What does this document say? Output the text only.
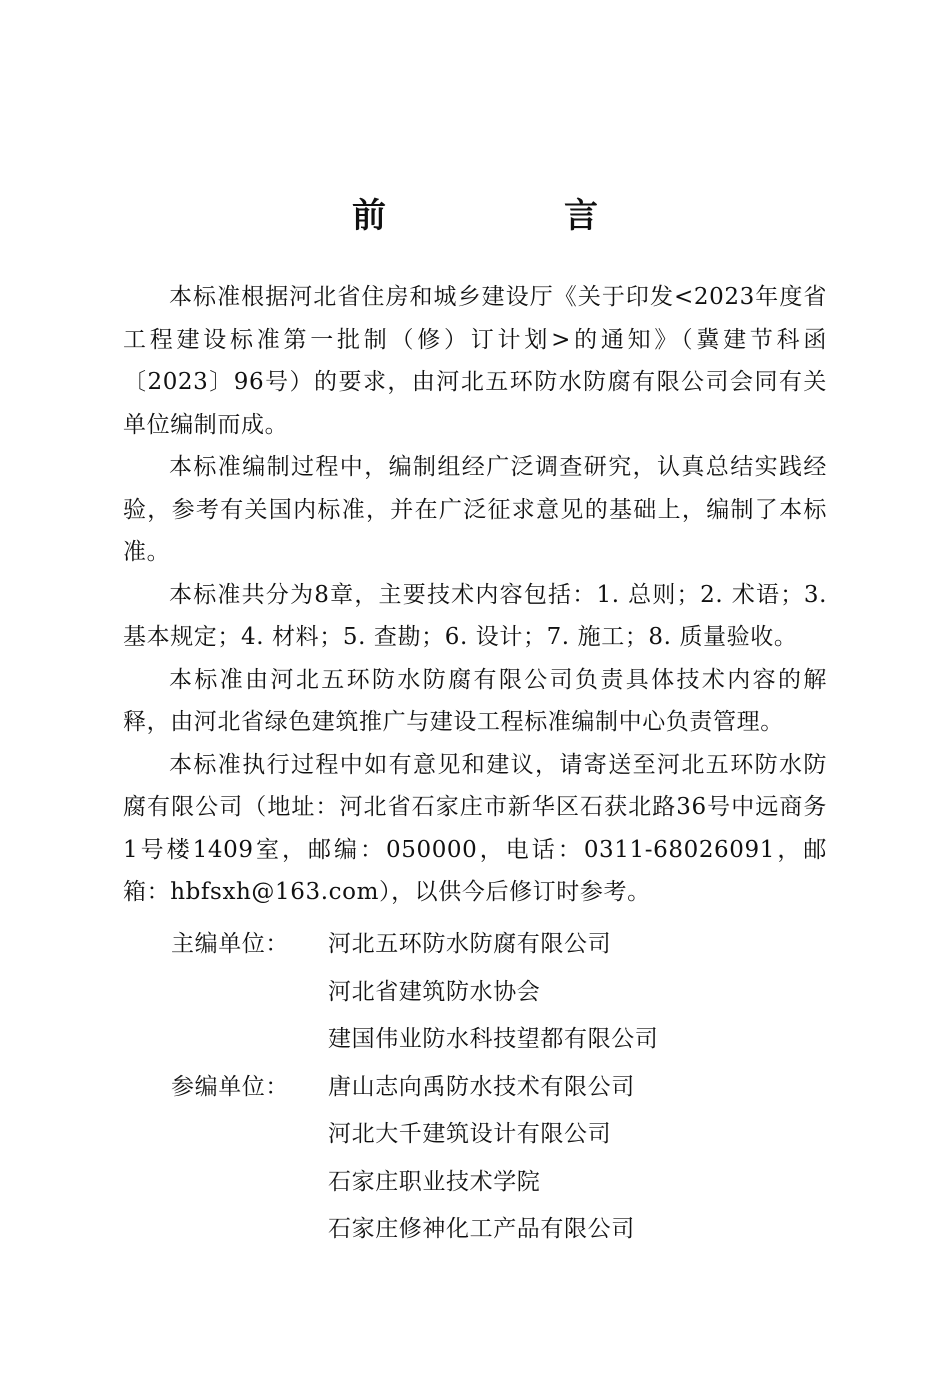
前　言

本标准根据河北省住房和城乡建设厅《关于印发<2023年度省工程建设标准第一批制（修）订计划>的通知》（冀建节科函〔2023〕96号）的要求，由河北五环防水防腐有限公司会同有关单位编制而成。

本标准编制过程中，编制组经广泛调查研究，认真总结实践经验，参考有关国内标准，并在广泛征求意见的基础上，编制了本标准。

本标准共分为8章，主要技术内容包括：1. 总则；2. 术语；3. 基本规定；4. 材料；5. 查勘；6. 设计；7. 施工；8. 质量验收。

本标准由河北五环防水防腐有限公司负责具体技术内容的解释，由河北省绿色建筑推广与建设工程标准编制中心负责管理。

本标准执行过程中如有意见和建议，请寄送至河北五环防水防腐有限公司（地址：河北省石家庄市新华区石获北路36号中远商务1号楼1409室，邮编：050000，电话：0311-68026091，邮箱：hbfsxh@163.com），以供今后修订时参考。

主编单位：	河北五环防水防腐有限公司
河北省建筑防水协会
建国伟业防水科技望都有限公司
参编单位：	唐山志向禹防水技术有限公司
河北大千建筑设计有限公司
石家庄职业技术学院
石家庄修神化工产品有限公司
